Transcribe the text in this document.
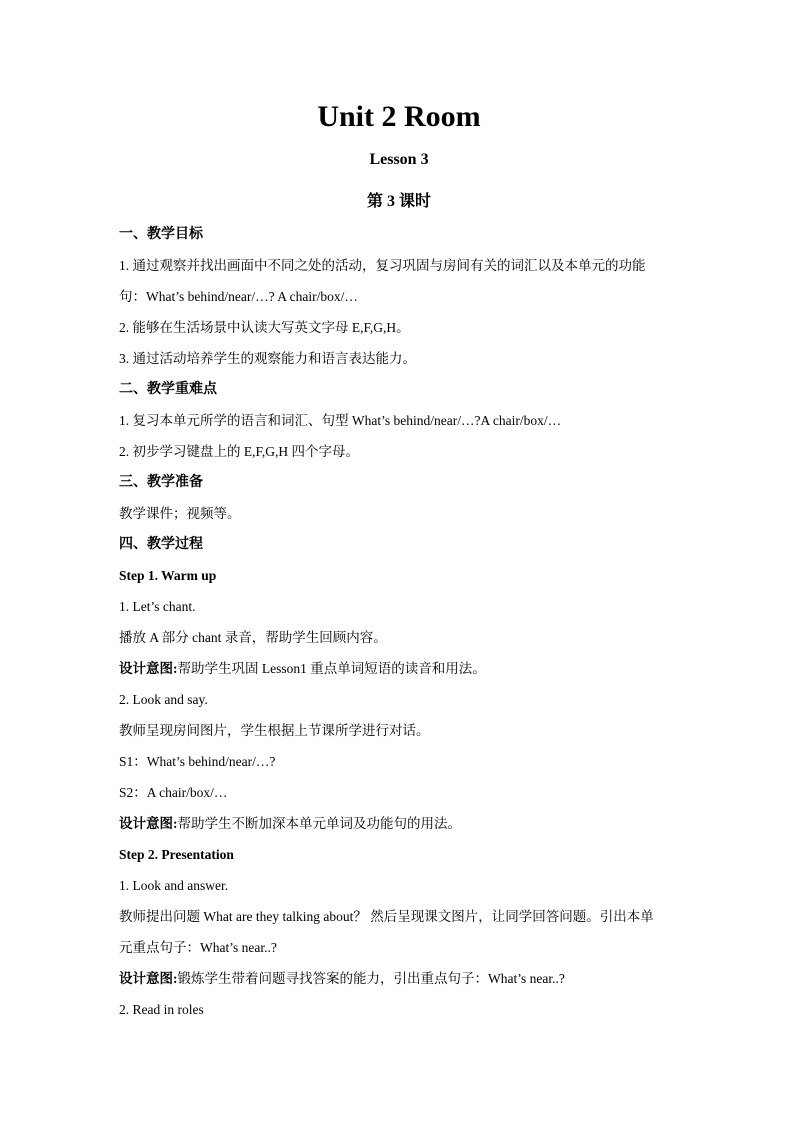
Unit 2 Room
Lesson 3
第 3 课时
一、教学目标
1. 通过观察并找出画面中不同之处的活动，复习巩固与房间有关的词汇以及本单元的功能
句：What’s behind/near/…? A chair/box/…
2. 能够在生活场景中认读大写英文字母 E,F,G,H。
3. 通过活动培养学生的观察能力和语言表达能力。
二、教学重难点
1. 复习本单元所学的语言和词汇、句型 What’s behind/near/…?A chair/box/…
2. 初步学习键盘上的 E,F,G,H 四个字母。
三、教学准备
教学课件；视频等。
四、教学过程
Step 1. Warm up
1. Let’s chant.
播放 A 部分 chant 录音，帮助学生回顾内容。
设计意图:帮助学生巩固 Lesson1 重点单词短语的读音和用法。
2. Look and say.
教师呈现房间图片，学生根据上节课所学进行对话。
S1：What’s behind/near/…?
S2：A chair/box/…
设计意图:帮助学生不断加深本单元单词及功能句的用法。
Step 2. Presentation
1. Look and answer.
教师提出问题 What are they talking about？ 然后呈现课文图片，让同学回答问题。引出本单
元重点句子：What’s near..?
设计意图:锻炼学生带着问题寻找答案的能力，引出重点句子：What’s near..?
2. Read in roles
